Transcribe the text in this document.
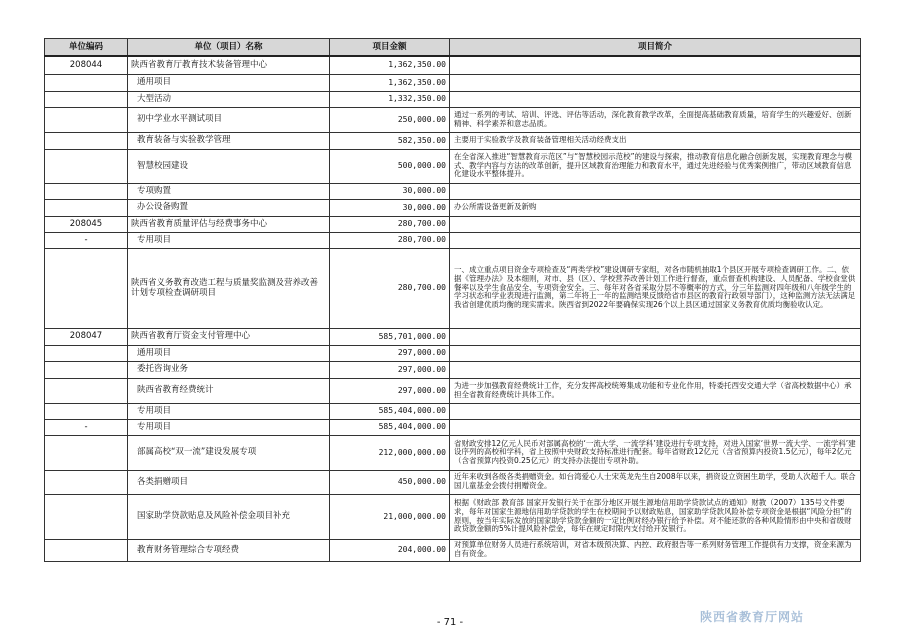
单位编码	单位（项目）名称	项目金额	项目简介
208044	陕西省教育厅教育技术装备管理中心	1,362,350.00	
	通用项目	1,362,350.00	
	大型活动	1,332,350.00	
	初中学业水平测试项目	250,000.00	通过一系列的考试、培训、评选、评估等活动，深化教育教学改革，全面提高基础教育质量，培育学生的兴趣爱好、创新精神、科学素养和意志品质。
	教育装备与实验教学管理	582,350.00	主要用于实验教学及教育装备管理相关活动经费支出
	智慧校园建设	500,000.00	在全省深入推进“智慧教育示范区”与“智慧校园示范校”的建设与探索，推动教育信息化融合创新发展，实现教育理念与模式、教学内容与方法的改革创新，提升区域教育治理能力和教育水平，通过先进经验与优秀案例推广，带动区域教育信息化建设水平整体提升。
	专项购置	30,000.00	
	办公设备购置	30,000.00	办公所需设备更新及新购
208045	陕西省教育质量评估与经费事务中心	280,700.00	
-	专用项目	280,700.00	
	陕西省义务教育改造工程与质量奖监测及营养改善计划专项检查调研项目	280,700.00	一、成立重点项目资金专项检查及“两类学校”建设调研专家组，对各市随机抽取1个县区开展专项检查调研工作。二、依据《管理办法》及本细则，对市、县（区）、学校营养改善计划工作进行督查，重点督查机构建设、人员配备、学校食堂供餐率以及学生食品安全、专项资金安全。三、每年对各省采取分层不等概率的方式，分三年监测对四年级和八年级学生的学习状态和学业表现进行监测，第二年将上一年的监测结果反馈给省市县区的教育行政领导部门），这种监测方法无法满足我省创建优质均衡的现实需求。陕西省到2022年要确保实现26个以上县区通过国家义务教育优质均衡验收认定。
208047	陕西省教育厅资金支付管理中心	585,701,000.00	
	通用项目	297,000.00	
	委托咨询业务	297,000.00	
	陕西省教育经费统计	297,000.00	为进一步加强教育经费统计工作，充分发挥高校统筹集成功能和专业化作用，特委托西安交通大学（省高校数据中心）承担全省教育经费统计具体工作。
	专用项目	585,404,000.00	
-	专用项目	585,404,000.00	
	部属高校“双一流”建设发展专项	212,000,000.00	省财政安排12亿元人民币对部属高校的‘一流大学、一流学科’建设进行专项支持，对进入国家‘世界一流大学、一流学科’建设序列的高校和学科，省上按照中央财政支持标准进行配套。每年省财政12亿元（含省预算内投资1.5亿元），每年2亿元（含省预算内投资0.25亿元）的支持办法提出专项补助。
	各类捐赠项目	450,000.00	近年来收到各级各类捐赠资金。如台湾爱心人士宋英龙先生自2008年以来，捐资设立资困生助学，受助人次超千人。联合国儿童基金会拨付捐赠资金。
	国家助学贷款贴息及风险补偿金项目补充	21,000,000.00	根据《财政部 教育部 国家开发银行关于在部分地区开展生源地信用助学贷款试点的通知》财教（2007）135号文件要求，每年对国家生源地信用助学贷款的学生在校期间予以财政贴息，国家助学贷款风险补偿专项资金是根据“风险分担”的原则，按当年实际发放的国家助学贷款金额的一定比例对经办银行给予补偿。对不能还款的各种风险情形由中央和省级财政贷款金额的5%计提风险补偿金，每年在规定时限内支付给开发银行。
	教育财务管理综合专项经费	204,000.00	对预算单位财务人员进行系统培训，对省本级预决算、内控、政府报告等一系列财务管理工作提供有力支撑，资金来源为自有资金。
- 71 -	陕西省教育厅网站
